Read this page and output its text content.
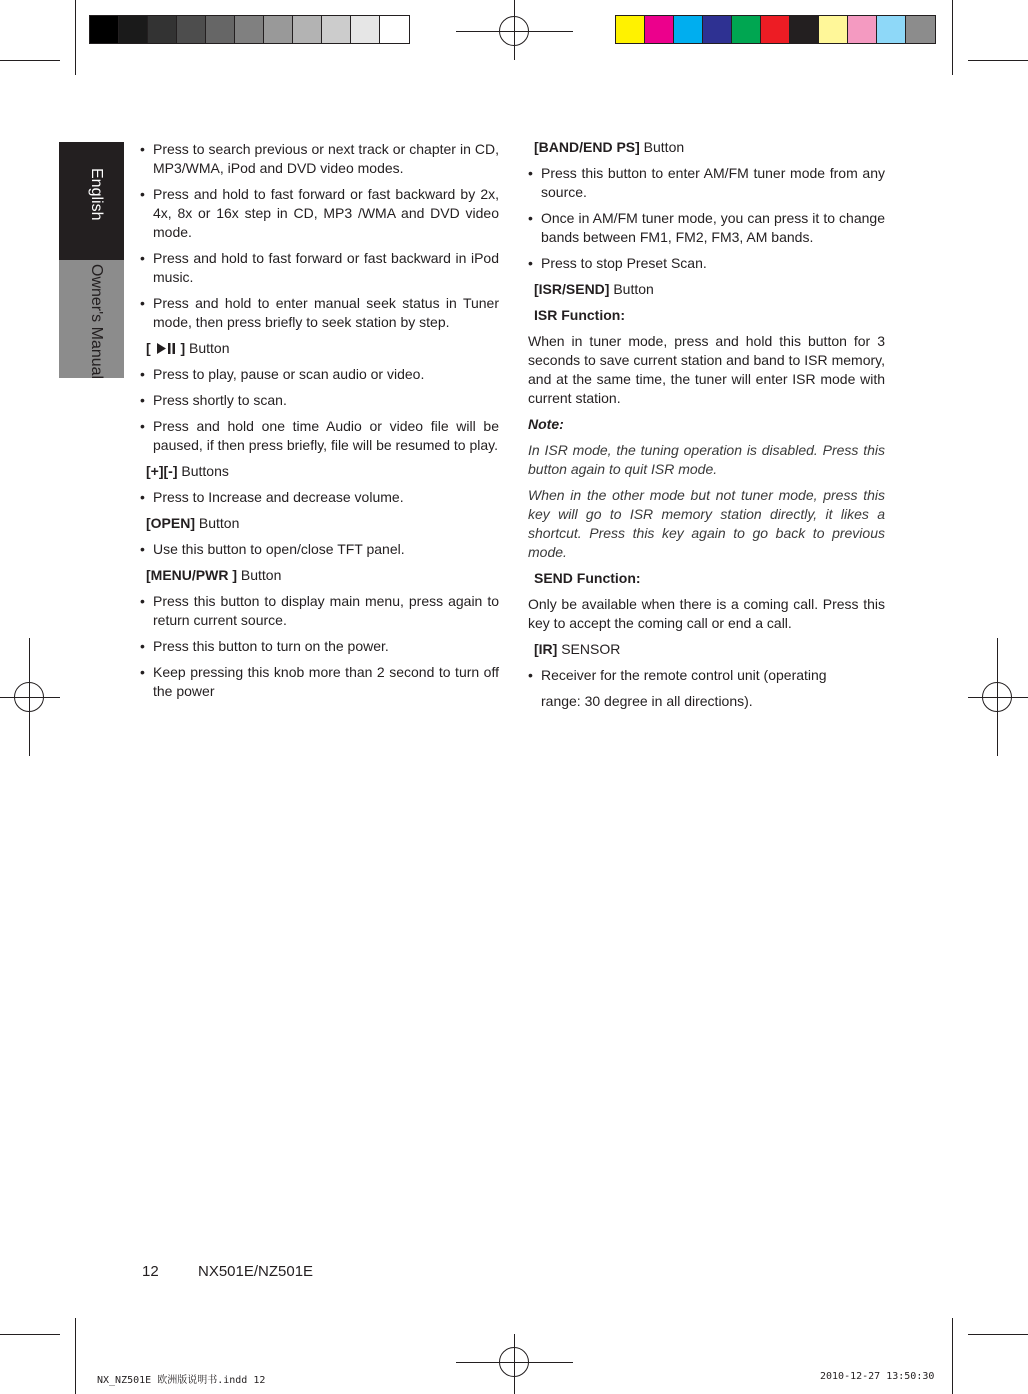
English
Owner's Manual

• Press to search previous or next track or chapter in CD, MP3/WMA, iPod and DVD video modes.

• Press and hold to fast forward or fast backward by 2x, 4x, 8x or 16x step in CD, MP3 /WMA and DVD video mode.

• Press and hold to fast forward or fast backward in iPod music.

• Press and hold to enter manual seek status in Tuner mode, then press briefly to seek station by step.

[ ] Button

• Press to play, pause or scan audio or video.

• Press shortly to scan.

• Press and hold one time Audio or video file will be paused, if then press briefly, file will be resumed to play.

[+][-] Buttons

• Press to Increase and decrease volume.

[OPEN] Button

• Use this button to open/close TFT panel.

[MENU/PWR ] Button

• Press this button to display main menu, press again to return current source.

• Press this button to turn on the power.

• Keep pressing this knob more than 2 second to turn off the power

[BAND/END PS] Button

• Press this button to enter AM/FM tuner mode from any source.

• Once in AM/FM tuner mode, you can press it to change bands between FM1, FM2, FM3, AM bands.

• Press to stop Preset Scan.

[ISR/SEND] Button

ISR Function:

When in tuner mode, press and hold this button for 3 seconds to save current station and band to ISR memory, and at the same time, the tuner will enter ISR mode with current station.

Note:

In ISR mode, the tuning operation is disabled. Press this button again to quit ISR mode.

When in the other mode but not tuner mode, press this key will go to ISR memory station directly, it likes a shortcut. Press this key again to go back to previous mode.

SEND Function:

Only be available when there is a coming call. Press this key to accept the coming call or end a call.

[IR] SENSOR

• Receiver for the remote control unit (operating

range: 30 degree in all directions).

12	NX501E/NZ501E
NX_NZ501E 欧洲版说明书.indd 12	2010-12-27 13:50:30
